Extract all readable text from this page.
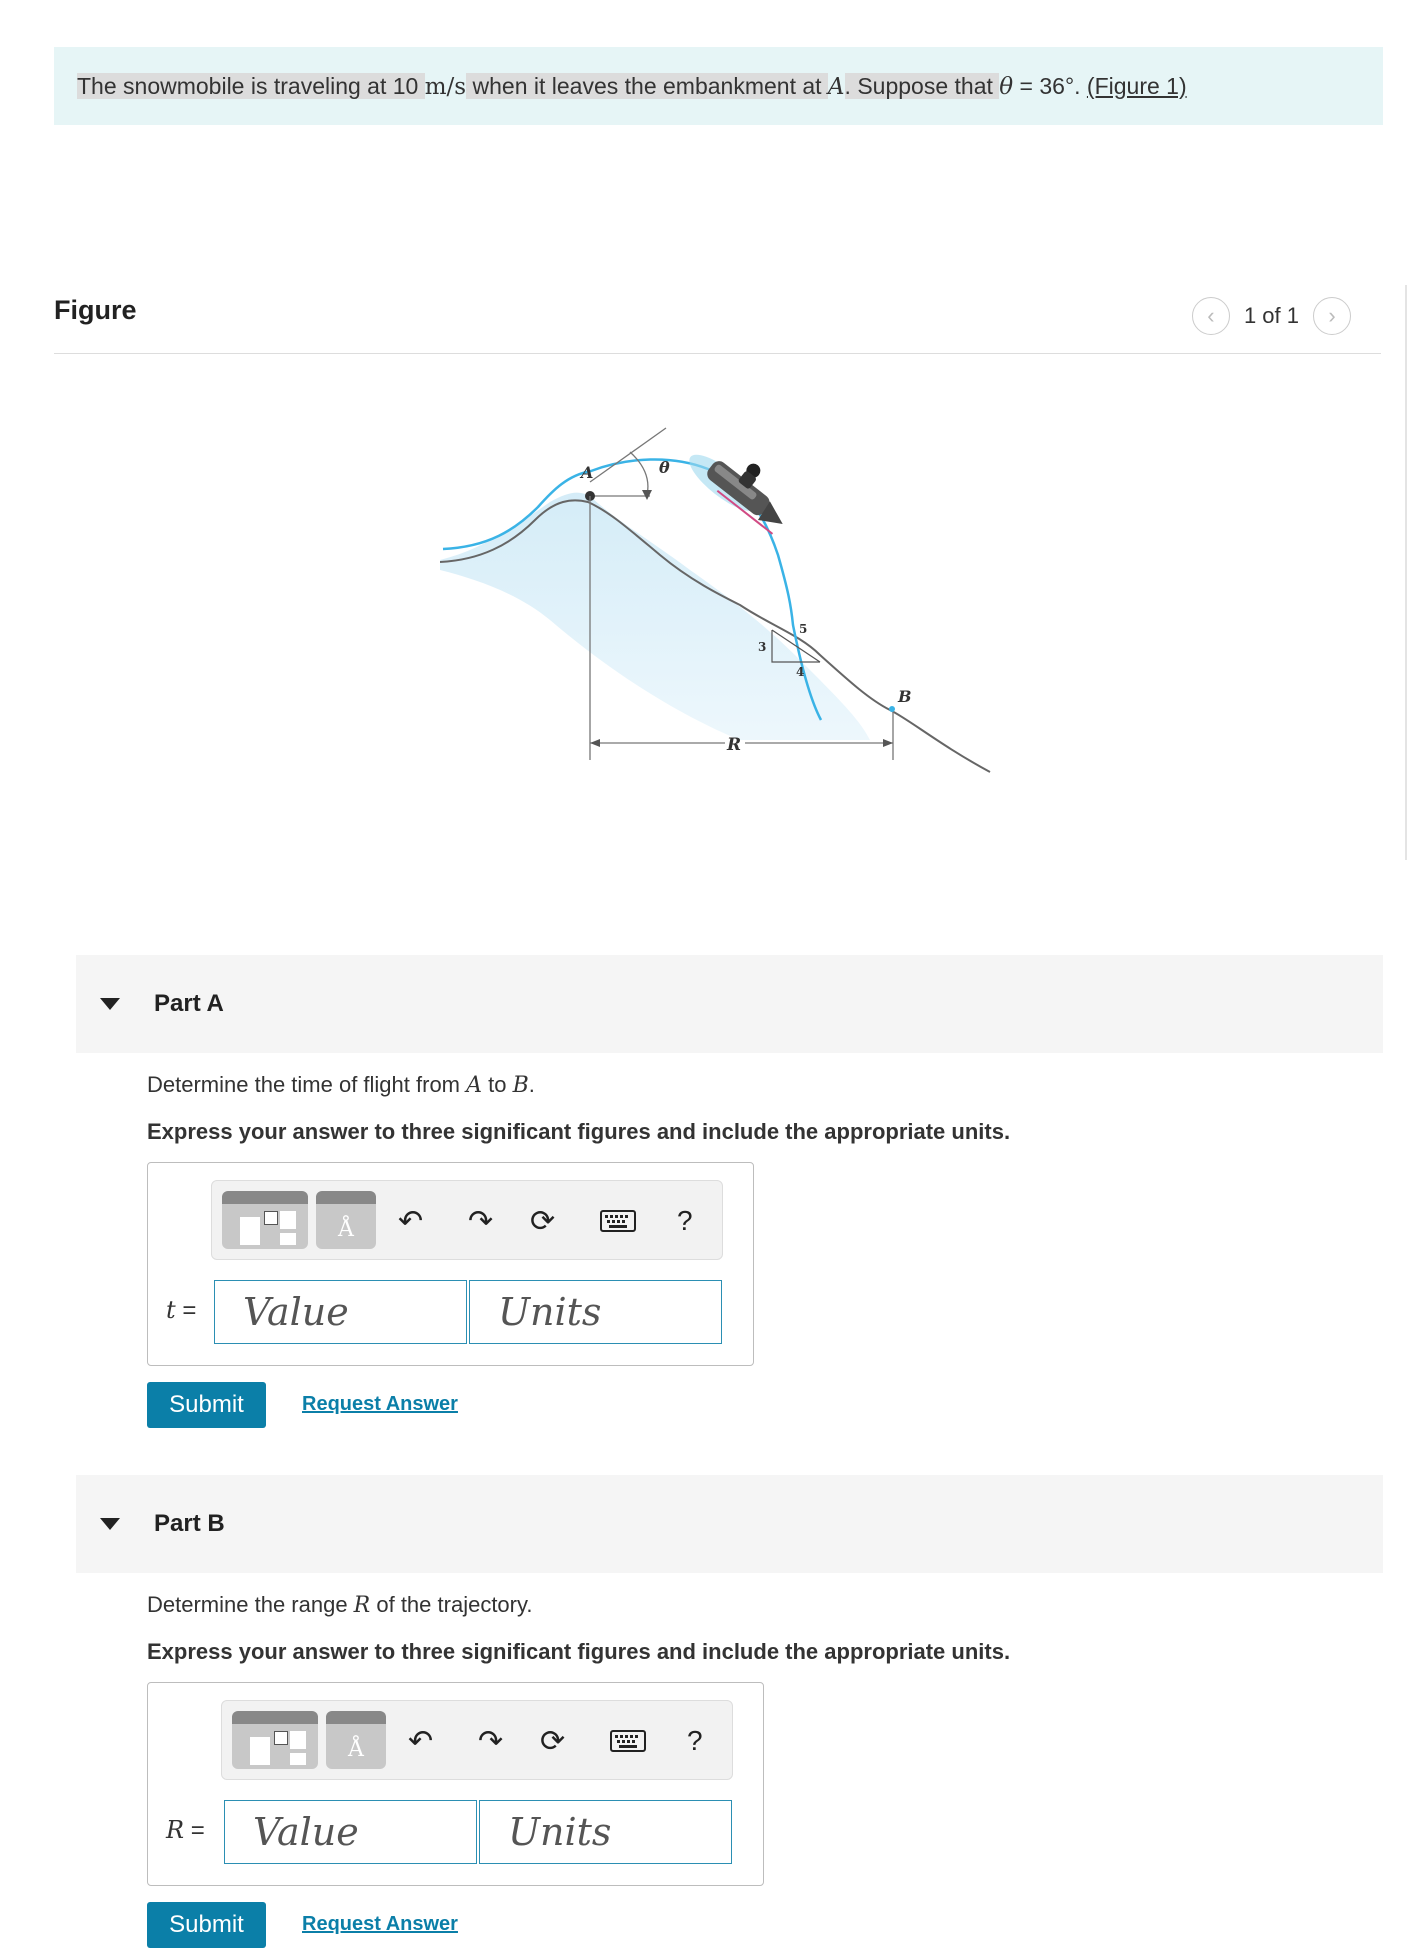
The snowmobile is traveling at 10 m/s when it leaves the embankment at A. Suppose that θ = 36°. (Figure 1)
Figure	‹ 1 of 1 ›
A	θ
R
B
3
4
5
Part A
Determine the time of flight from A to B.
Express your answer to three significant figures and include the appropriate units.
Å	↶ ↷ ⟳	?
t =	Value	Units
Submit	Request Answer
Part B
Determine the range R of the trajectory.
Express your answer to three significant figures and include the appropriate units.
Å	↶ ↷ ⟳	?
R =	Value	Units
Submit	Request Answer
